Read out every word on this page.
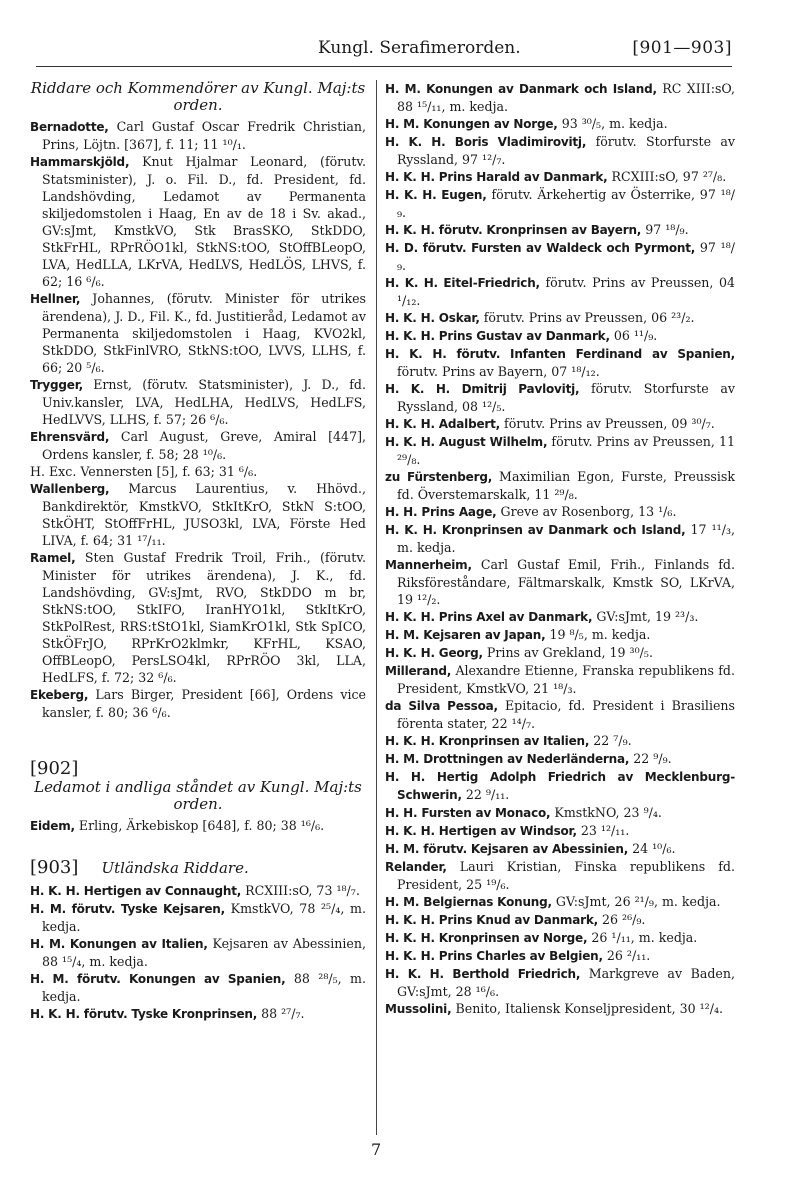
Kungl. Serafimerorden.	[901—903]
Riddare och Kommendörer av Kungl. Maj:ts orden.

Bernadotte, Carl Gustaf Oscar Fredrik Christian, Prins, Löjtn. [367], f. 11; 11 ¹⁰/₁.

Hammarskjöld, Knut Hjalmar Leonard, (förutv. Statsminister), J. o. Fil. D., fd. President, fd. Landshövding, Ledamot av Permanenta skiljedomstolen i Haag, En av de 18 i Sv. akad., GV:sJmt, KmstkVO, Stk BrasSKO, StkDDO, StkFrHL, RPrRÖO1kl, StkNS:tOO, StOffBLeopO, LVA, HedLLA, LKrVA, HedLVS, HedLÖS, LHVS, f. 62; 16 ⁶/₆.

Hellner, Johannes, (förutv. Minister för utrikes ärendena), J. D., Fil. K., fd. Justitieråd, Ledamot av Permanenta skiljedomstolen i Haag, KVO2kl, StkDDO, StkFinlVRO, StkNS:tOO, LVVS, LLHS, f. 66; 20 ⁵/₆.

Trygger, Ernst, (förutv. Statsminister), J. D., fd. Univ.kansler, LVA, HedLHA, HedLVS, HedLFS, HedLVVS, LLHS, f. 57; 26 ⁶/₆.

Ehrensvärd, Carl August, Greve, Amiral [447], Ordens kansler, f. 58; 28 ¹⁰/₆.

H. Exc. Vennersten [5], f. 63; 31 ⁶/₆.

Wallenberg, Marcus Laurentius, v. Hhövd., Bankdirektör, KmstkVO, StkItKrO, StkN S:tOO, StkÖHT, StOffFrHL, JUSO3kl, LVA, Förste Hed LIVA, f. 64; 31 ¹⁷/₁₁.

Ramel, Sten Gustaf Fredrik Troil, Frih., (förutv. Minister för utrikes ärendena), J. K., fd. Landshövding, GV:sJmt, RVO, StkDDO m br, StkNS:tOO, StkIFO, IranHYO1kl, StkItKrO, StkPolRest, RRS:tStO1kl, SiamKrO1kl, Stk SpICO, StkÖFrJO, RPrKrO2klmkr, KFrHL, KSAO, OffBLeopO, PersLSO4kl, RPrRÖO 3kl, LLA, HedLFS, f. 72; 32 ⁶/₆.

Ekeberg, Lars Birger, President [66], Ordens vice kansler, f. 80; 36 ⁶/₆.

[902]
Ledamot i andliga ståndet av Kungl. Maj:ts orden.

Eidem, Erling, Ärkebiskop [648], f. 80; 38 ¹⁶/₆.

[903] Utländska Riddare.

H. K. H. Hertigen av Connaught, RCXIII:sO, 73 ¹⁸/₇.

H. M. förutv. Tyske Kejsaren, KmstkVO, 78 ²⁵/₄, m. kedja.

H. M. Konungen av Italien, Kejsaren av Abessinien, 88 ¹⁵/₄, m. kedja.

H. M. förutv. Konungen av Spanien, 88 ²⁸/₅, m. kedja.

H. K. H. förutv. Tyske Kronprinsen, 88 ²⁷/₇.

H. M. Konungen av Danmark och Island, RC XIII:sO, 88 ¹⁵/₁₁, m. kedja.

H. M. Konungen av Norge, 93 ³⁰/₅, m. kedja.

H. K. H. Boris Vladimirovitj, förutv. Storfurste av Ryssland, 97 ¹²/₇.

H. K. H. Prins Harald av Danmark, RCXIII:sO, 97 ²⁷/₈.

H. K. H. Eugen, förutv. Ärkehertig av Österrike, 97 ¹⁸/₉.

H. K. H. förutv. Kronprinsen av Bayern, 97 ¹⁸/₉.

H. D. förutv. Fursten av Waldeck och Pyrmont, 97 ¹⁸/₉.

H. K. H. Eitel-Friedrich, förutv. Prins av Preussen, 04 ¹/₁₂.

H. K. H. Oskar, förutv. Prins av Preussen, 06 ²³/₂.

H. K. H. Prins Gustav av Danmark, 06 ¹¹/₉.

H. K. H. förutv. Infanten Ferdinand av Spanien, förutv. Prins av Bayern, 07 ¹⁸/₁₂.

H. K. H. Dmitrij Pavlovitj, förutv. Storfurste av Ryssland, 08 ¹²/₅.

H. K. H. Adalbert, förutv. Prins av Preussen, 09 ³⁰/₇.

H. K. H. August Wilhelm, förutv. Prins av Preussen, 11 ²⁹/₈.

zu Fürstenberg, Maximilian Egon, Furste, Preussisk fd. Överstemarskalk, 11 ²⁹/₈.

H. H. Prins Aage, Greve av Rosenborg, 13 ¹/₆.

H. K. H. Kronprinsen av Danmark och Island, 17 ¹¹/₃, m. kedja.

Mannerheim, Carl Gustaf Emil, Frih., Finlands fd. Riksföreståndare, Fältmarskalk, Kmstk SO, LKrVA, 19 ¹²/₂.

H. K. H. Prins Axel av Danmark, GV:sJmt, 19 ²³/₃.

H. M. Kejsaren av Japan, 19 ⁸/₅, m. kedja.

H. K. H. Georg, Prins av Grekland, 19 ³⁰/₅.

Millerand, Alexandre Etienne, Franska republikens fd. President, KmstkVO, 21 ¹⁸/₃.

da Silva Pessoa, Epitacio, fd. President i Brasiliens förenta stater, 22 ¹⁴/₇.

H. K. H. Kronprinsen av Italien, 22 ⁷/₉.

H. M. Drottningen av Nederländerna, 22 ⁹/₉.

H. H. Hertig Adolph Friedrich av Mecklenburg-Schwerin, 22 ⁹/₁₁.

H. H. Fursten av Monaco, KmstkNO, 23 ⁹/₄.

H. K. H. Hertigen av Windsor, 23 ¹²/₁₁.

H. M. förutv. Kejsaren av Abessinien, 24 ¹⁰/₆.

Relander, Lauri Kristian, Finska republikens fd. President, 25 ¹⁹/₆.

H. M. Belgiernas Konung, GV:sJmt, 26 ²¹/₉, m. kedja.

H. K. H. Prins Knud av Danmark, 26 ²⁶/₉.

H. K. H. Kronprinsen av Norge, 26 ¹/₁₁, m. kedja.

H. K. H. Prins Charles av Belgien, 26 ²/₁₁.

H. K. H. Berthold Friedrich, Markgreve av Baden, GV:sJmt, 28 ¹⁶/₆.

Mussolini, Benito, Italiensk Konseljpresident, 30 ¹²/₄.

7
